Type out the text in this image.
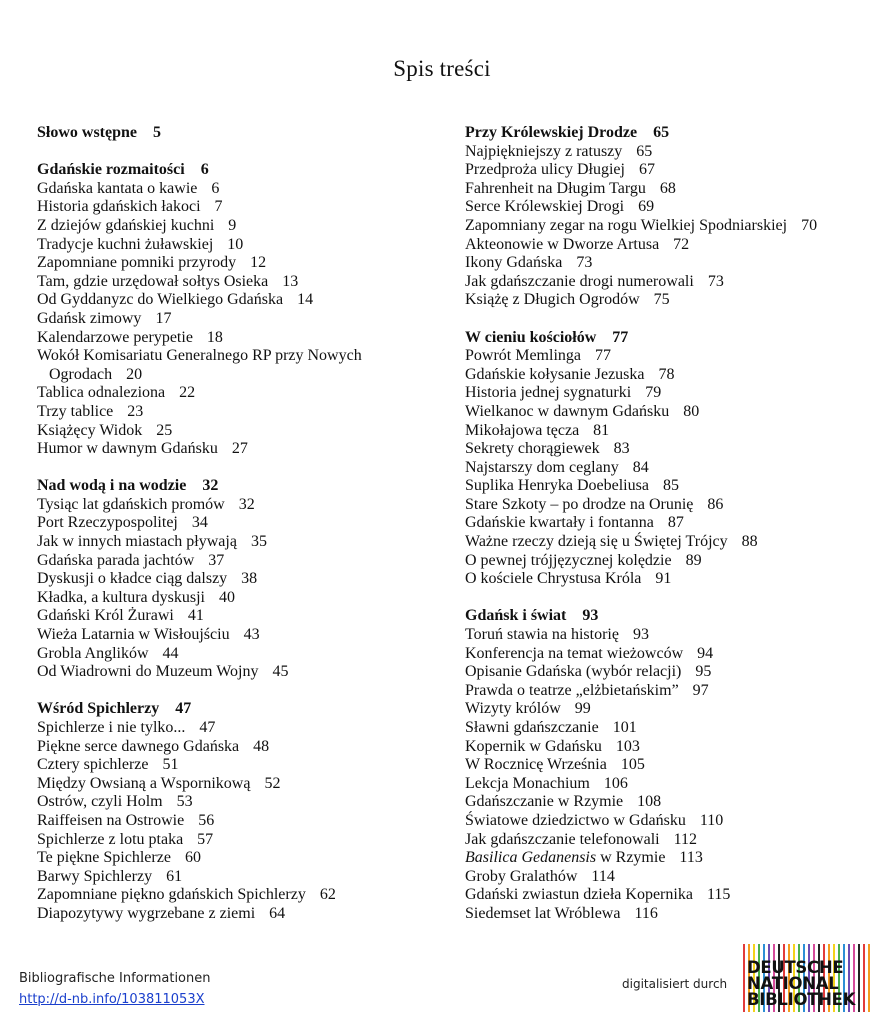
Spis treści
Słowo wstępne 5
Gdańskie rozmaitości 6
Gdańska kantata o kawie 6
Historia gdańskich łakoci 7
Z dziejów gdańskiej kuchni 9
Tradycje kuchni żuławskiej 10
Zapomniane pomniki przyrody 12
Tam, gdzie urzędował sołtys Osieka 13
Od Gyddanyzc do Wielkiego Gdańska 14
Gdańsk zimowy 17
Kalendarzowe perypetie 18
Wokół Komisariatu Generalnego RP przy Nowych Ogrodach 20
Tablica odnaleziona 22
Trzy tablice 23
Książęcy Widok 25
Humor w dawnym Gdańsku 27
Nad wodą i na wodzie 32
Tysiąc lat gdańskich promów 32
Port Rzeczypospolitej 34
Jak w innych miastach pływają 35
Gdańska parada jachtów 37
Dyskusji o kładce ciąg dalszy 38
Kładka, a kultura dyskusji 40
Gdański Król Żurawi 41
Wieża Latarnia w Wisłoujściu 43
Grobla Anglików 44
Od Wiadrowni do Muzeum Wojny 45
Wśród Spichlerzy 47
Spichlerze i nie tylko... 47
Piękne serce dawnego Gdańska 48
Cztery spichlerze 51
Między Owsianą a Wspornikową 52
Ostrów, czyli Holm 53
Raiffeisen na Ostrowie 56
Spichlerze z lotu ptaka 57
Te piękne Spichlerze 60
Barwy Spichlerzy 61
Zapomniane piękno gdańskich Spichlerzy 62
Diapozytywy wygrzebane z ziemi 64
Przy Królewskiej Drodze 65
Najpiękniejszy z ratuszy 65
Przedproża ulicy Długiej 67
Fahrenheit na Długim Targu 68
Serce Królewskiej Drogi 69
Zapomniany zegar na rogu Wielkiej Spodniarskiej 70
Akteonowie w Dworze Artusa 72
Ikony Gdańska 73
Jak gdańszczanie drogi numerowali 73
Książę z Długich Ogrodów 75
W cieniu kościołów 77
Powrót Memlinga 77
Gdańskie kołysanie Jezuska 78
Historia jednej sygnaturki 79
Wielkanoc w dawnym Gdańsku 80
Mikołajowa tęcza 81
Sekrety chorągiewek 83
Najstarszy dom ceglany 84
Suplika Henryka Doebeliusa 85
Stare Szkoty – po drodze na Orunię 86
Gdańskie kwartały i fontanna 87
Ważne rzeczy dzieją się u Świętej Trójcy 88
O pewnej trójjęzycznej kolędzie 89
O kościele Chrystusa Króla 91
Gdańsk i świat 93
Toruń stawia na historię 93
Konferencja na temat wieżowców 94
Opisanie Gdańska (wybór relacji) 95
Prawda o teatrze „elżbietańskim” 97
Wizyty królów 99
Sławni gdańszczanie 101
Kopernik w Gdańsku 103
W Rocznicę Września 105
Lekcja Monachium 106
Gdańszczanie w Rzymie 108
Światowe dziedzictwo w Gdańsku 110
Jak gdańszczanie telefonowali 112
Basilica Gedanensis w Rzymie 113
Groby Gralathów 114
Gdański zwiastun dzieła Kopernika 115
Siedemset lat Wróblewa 116
Bibliografische Informationen
http://d-nb.info/103811053X
digitalisiert durch
DEUTSCHE
NATIONAL
BIBLIOTHEK
